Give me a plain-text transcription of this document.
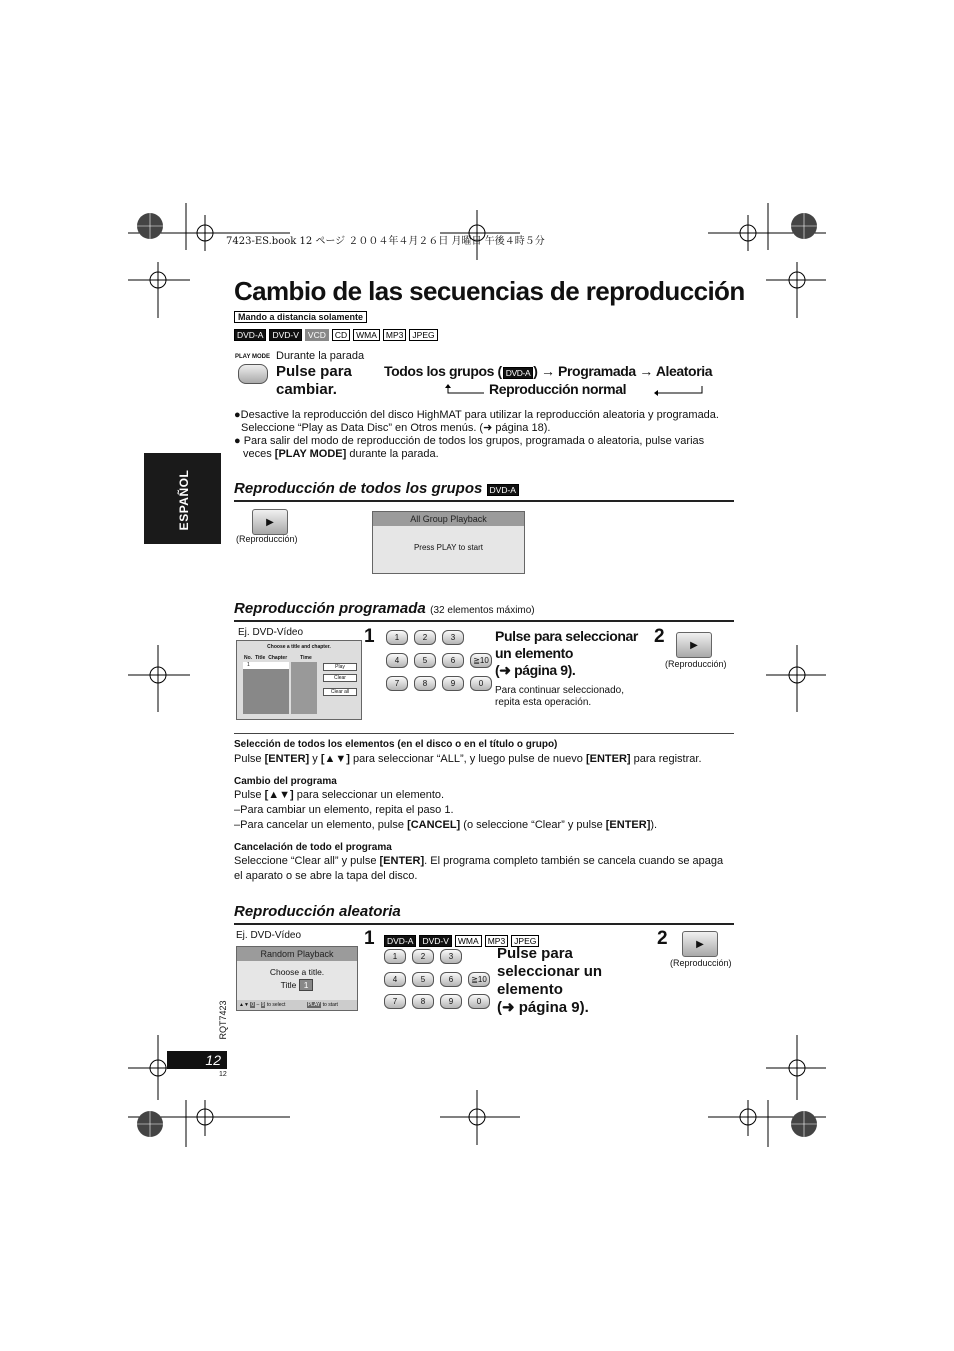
7423-ES.book 12 ページ ２００４年４月２６日 月曜日 午後４時５分
Cambio de las secuencias de reproducción
Mando a distancia solamente
DVD-A DVD-V VCD CD WMA MP3 JPEG
ESPAÑOL
PLAY MODE Durante la parada
Pulse para cambiar.
Todos los grupos ( DVD-A ) → Programada → Aleatoria
Reproducción normal
●Desactive la reproducción del disco HighMAT para utilizar la reproducción aleatoria y programada.
Seleccione “Play as Data Disc” en Otros menús. (➜ página 18).
● Para salir del modo de reproducción de todos los grupos, programada o aleatoria, pulse varias
veces [PLAY MODE] durante la parada.
Reproducción de todos los grupos DVD-A
▶
(Reproducción)
All Group Playback
Press PLAY to start
Reproducción programada (32 elementos máximo)
Ej. DVD-Vídeo
Choose a title and chapter.
No. Title Chapter	Time
1	Play
Clear
Clear all
1	1	2	3
4	5	6	≧10
7	8	9	0
Pulse para seleccionar
un elemento
(➜ página 9).
Para continuar seleccionado,
repita esta operación.
2	▶
(Reproducción)
Selección de todos los elementos (en el disco o en el título o grupo)
Pulse [ENTER] y [▲▼] para seleccionar “ALL”, y luego pulse de nuevo [ENTER] para registrar.
Cambio del programa
Pulse [▲▼] para seleccionar un elemento.
–Para cambiar un elemento, repita el paso 1.
–Para cancelar un elemento, pulse [CANCEL] (o seleccione “Clear” y pulse [ENTER]).
Cancelación de todo el programa
Seleccione “Clear all” y pulse [ENTER]. El programa completo también se cancela cuando se apaga
el aparato o se abre la tapa del disco.
Reproducción aleatoria
Ej. DVD-Vídeo
Random Playback
Choose a title.
Title 1
▲▼ 0 – 9 to select	PLAY to start
1	DVD-A DVD-V WMA MP3 JPEG
1	2	3
4	5	6	≧10
7	8	9	0
Pulse para
seleccionar un
elemento
(➜ página 9).
2	▶
(Reproducción)
RQT7423
12
12
